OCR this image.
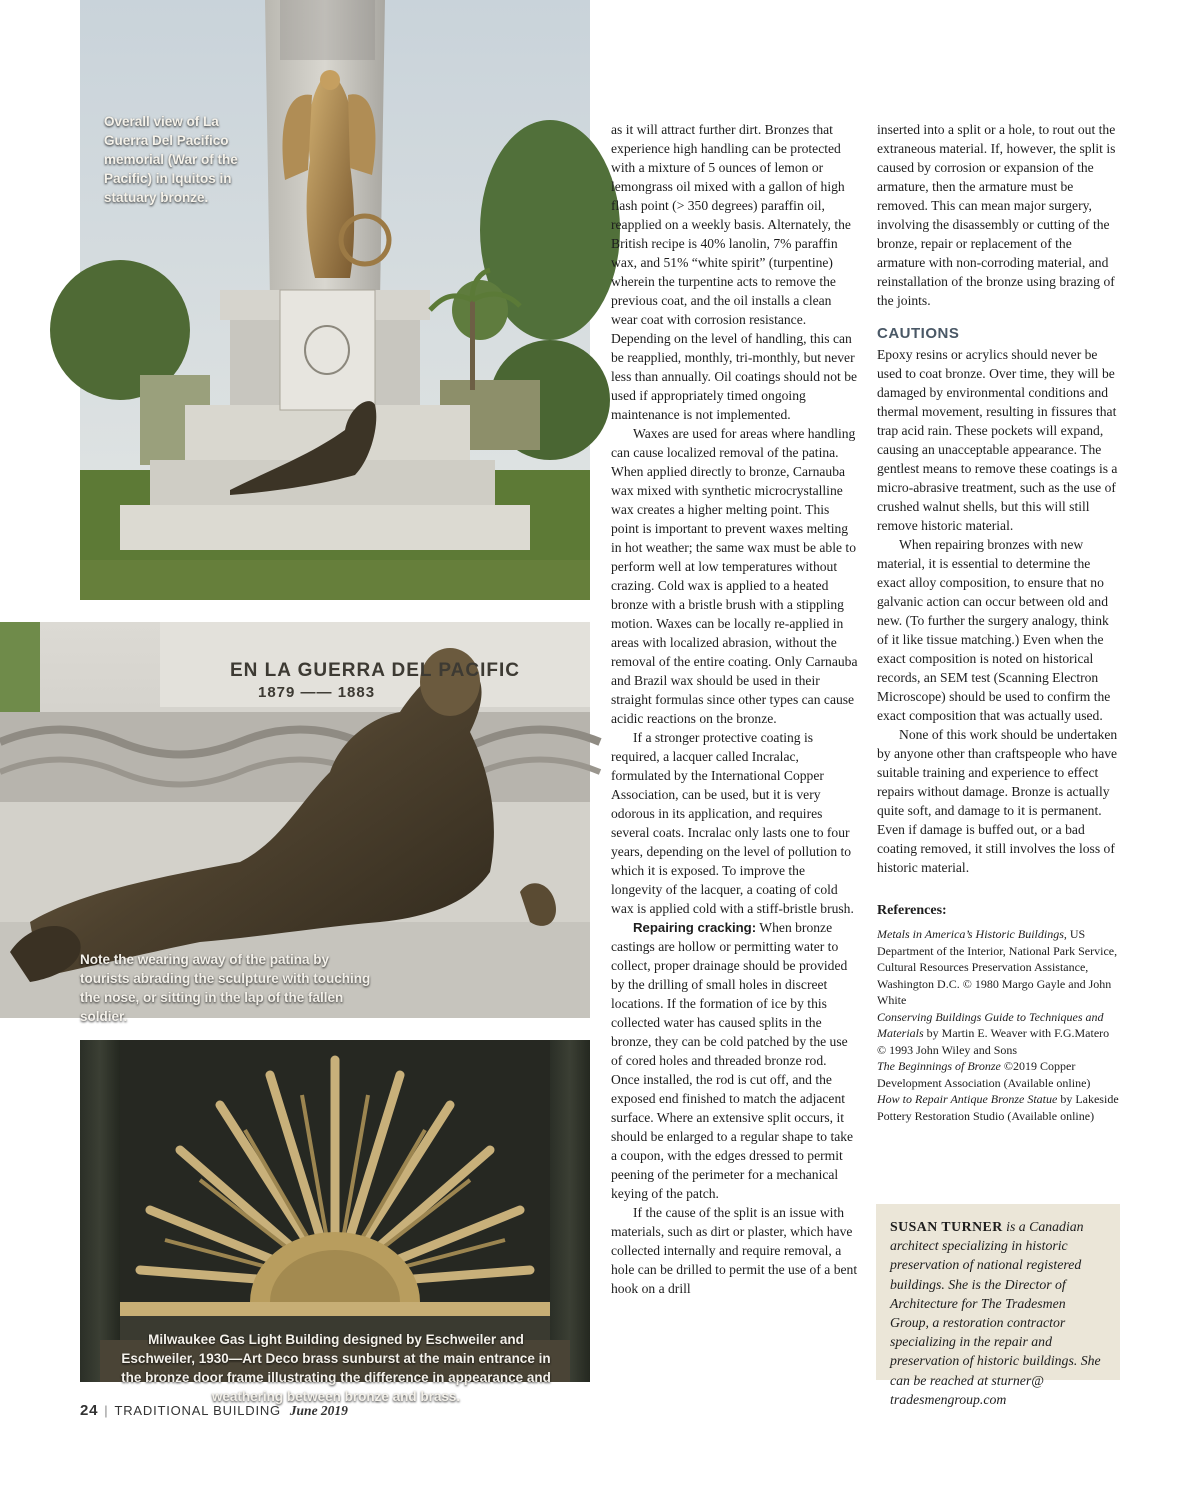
Overall view of La Guerra Del Pacifico memorial (War of the Pacific) in Iquitos in statuary bronze.
EN LA GUERRA DEL PACIFIC
1879 —— 1883
Note the wearing away of the patina by tourists abrading the sculpture with touching the nose, or sitting in the lap of the fallen soldier.
Milwaukee Gas Light Building designed by Eschweiler and Eschweiler, 1930—Art Deco brass sunburst at the main entrance in the bronze door frame illustrating the difference in appearance and weathering between bronze and brass.

as it will attract further dirt. Bronzes that experience high handling can be protected with a mixture of 5 ounces of lemon or lemongrass oil mixed with a gallon of high flash point (> 350 degrees) paraffin oil, reapplied on a weekly basis. Alternately, the British recipe is 40% lanolin, 7% paraffin wax, and 51% “white spirit” (turpentine) wherein the turpentine acts to remove the previous coat, and the oil installs a clean wear coat with corrosion resistance. Depending on the level of handling, this can be reapplied, monthly, tri-monthly, but never less than annually. Oil coatings should not be used if appropriately timed ongoing maintenance is not implemented.

Waxes are used for areas where handling can cause localized removal of the patina. When applied directly to bronze, Carnauba wax mixed with synthetic microcrystalline wax creates a higher melting point. This point is important to prevent waxes melting in hot weather; the same wax must be able to perform well at low temperatures without crazing. Cold wax is applied to a heated bronze with a bristle brush with a stippling motion. Waxes can be locally re-applied in areas with localized abrasion, without the removal of the entire coating. Only Carnauba and Brazil wax should be used in their straight formulas since other types can cause acidic reactions on the bronze.

If a stronger protective coating is required, a lacquer called Incralac, formulated by the International Copper Association, can be used, but it is very odorous in its application, and requires several coats. Incralac only lasts one to four years, depending on the level of pollution to which it is exposed. To improve the longevity of the lacquer, a coating of cold wax is applied cold with a stiff-bristle brush.

Repairing cracking: When bronze castings are hollow or permitting water to collect, proper drainage should be provided by the drilling of small holes in discreet locations. If the formation of ice by this collected water has caused splits in the bronze, they can be cold patched by the use of cored holes and threaded bronze rod. Once installed, the rod is cut off, and the exposed end finished to match the adjacent surface. Where an extensive split occurs, it should be enlarged to a regular shape to take a coupon, with the edges dressed to permit peening of the perimeter for a mechanical keying of the patch.

If the cause of the split is an issue with materials, such as dirt or plaster, which have collected internally and require removal, a hole can be drilled to permit the use of a bent hook on a drill

inserted into a split or a hole, to rout out the extraneous material. If, however, the split is caused by corrosion or expansion of the armature, then the armature must be removed. This can mean major surgery, involving the disassembly or cutting of the bronze, repair or replacement of the armature with non-corroding material, and reinstallation of the bronze using brazing of the joints.

CAUTIONS

Epoxy resins or acrylics should never be used to coat bronze. Over time, they will be damaged by environmental conditions and thermal movement, resulting in fissures that trap acid rain. These pockets will expand, causing an unacceptable appearance. The gentlest means to remove these coatings is a micro-abrasive treatment, such as the use of crushed walnut shells, but this will still remove historic material.

When repairing bronzes with new material, it is essential to determine the exact alloy composition, to ensure that no galvanic action can occur between old and new. (To further the surgery analogy, think of it like tissue matching.) Even when the exact composition is noted on historical records, an SEM test (Scanning Electron Microscope) should be used to confirm the exact composition that was actually used.

None of this work should be undertaken by anyone other than craftspeople who have suitable training and experience to effect repairs without damage. Bronze is actually quite soft, and damage to it is permanent. Even if damage is buffed out, or a bad coating removed, it still involves the loss of historic material.

References:

Metals in America’s Historic Buildings, US Department of the Interior, National Park Service, Cultural Resources Preservation Assistance, Washington D.C. © 1980 Margo Gayle and John White

Conserving Buildings Guide to Techniques and Materials by Martin E. Weaver with F.G.Matero © 1993 John Wiley and Sons

The Beginnings of Bronze ©2019 Copper Development Association (Available online)

How to Repair Antique Bronze Statue by Lakeside Pottery Restoration Studio (Available online)

SUSAN TURNER is a Canadian architect specializing in historic preservation of national registered buildings. She is the Director of Architecture for The Tradesmen Group, a restoration contractor specializing in the repair and preservation of historic buildings. She can be reached at sturner@ tradesmengroup.com
24 | TRADITIONAL BUILDING June 2019
